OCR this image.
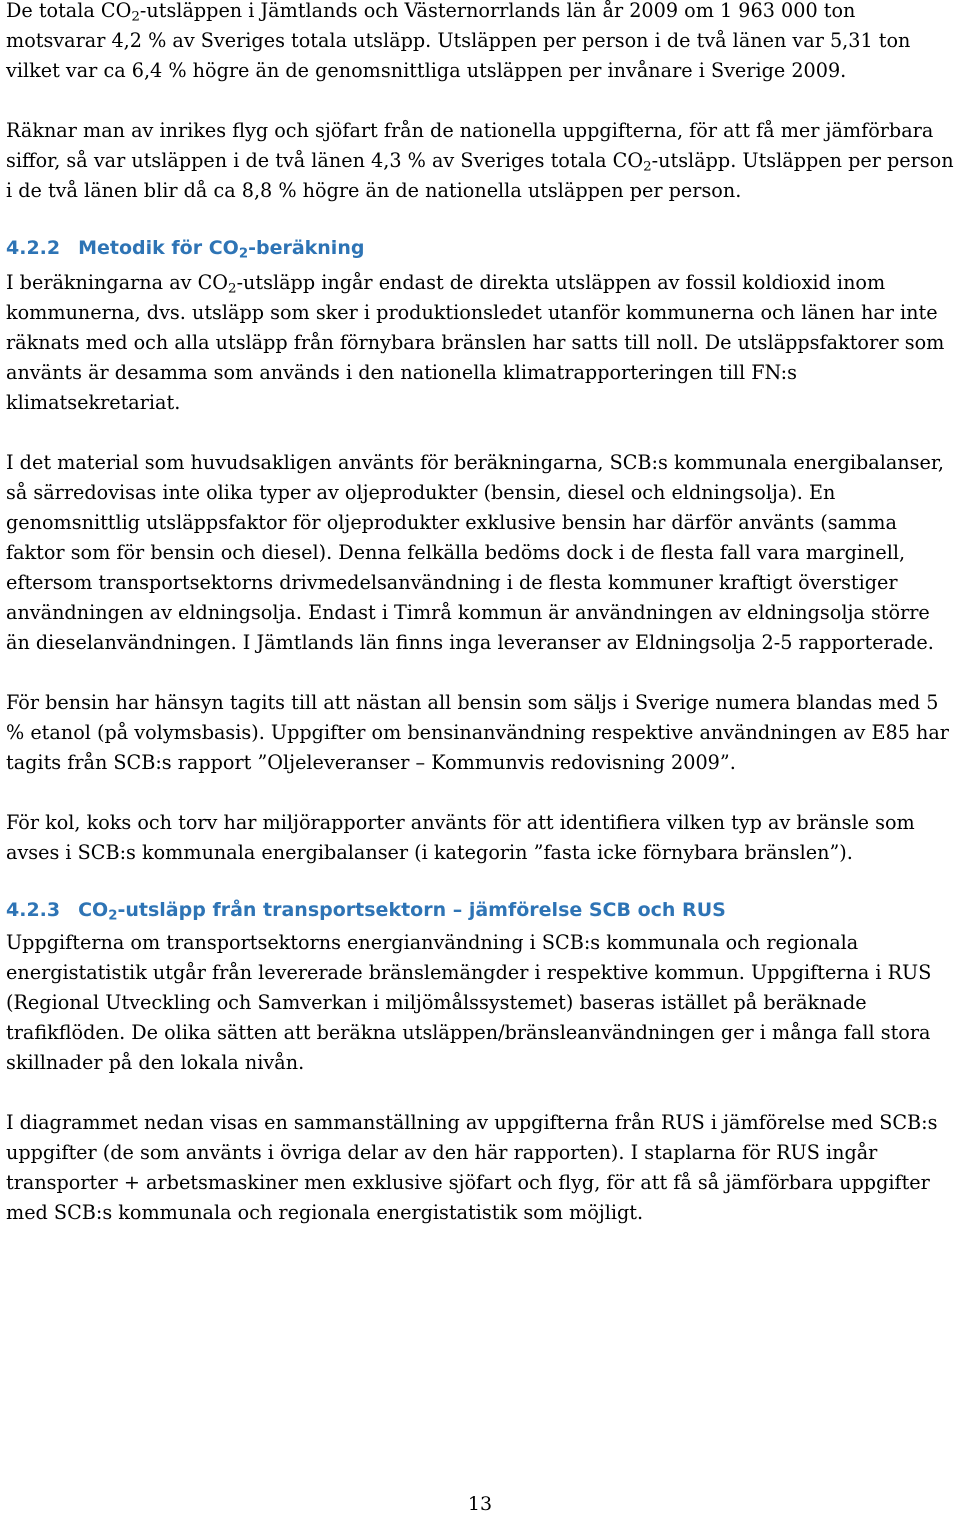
De totala $CO_2$-utsläppen i Jämtlands och Västernorrlands län år 2009 om 1 963 000 ton motsvarar 4,2 % av Sveriges totala utsläpp. Utsläppen per person i de två länen var 5,31 ton vilket var ca 6,4 % högre än de genomsnittliga utsläppen per invånare i Sverige 2009.

Räknar man av inrikes flyg och sjöfart från de nationella uppgifterna, för att få mer jämförbara siffor, så var utsläppen i de två länen 4,3 % av Sveriges totala $CO_2$-utsläpp. Utsläppen per person i de två länen blir då ca 8,8 % högre än de nationella utsläppen per person.

4.2.2 Metodik för $CO_2$-beräkning

I beräkningarna av $CO_2$-utsläpp ingår endast de direkta utsläppen av fossil koldioxid inom kommunerna, dvs. utsläpp som sker i produktionsledet utanför kommunerna och länen har inte räknats med och alla utsläpp från förnybara bränslen har satts till noll. De utsläppsfaktorer som använts är desamma som används i den nationella klimatrapporteringen till FN:s klimatsekretariat.

I det material som huvudsakligen använts för beräkningarna, SCB:s kommunala energibalanser, så särredovisas inte olika typer av oljeprodukter (bensin, diesel och eldningsolja). En genomsnittlig utsläppsfaktor för oljeprodukter exklusive bensin har därför använts (samma faktor som för bensin och diesel). Denna felkälla bedöms dock i de flesta fall vara marginell, eftersom transportsektorns drivmedelsanvändning i de flesta kommuner kraftigt överstiger användningen av eldningsolja. Endast i Timrå kommun är användningen av eldningsolja större än dieselanvändningen. I Jämtlands län finns inga leveranser av Eldningsolja 2-5 rapporterade.

För bensin har hänsyn tagits till att nästan all bensin som säljs i Sverige numera blandas med 5 % etanol (på volymsbasis). Uppgifter om bensinanvändning respektive användningen av E85 har tagits från SCB:s rapport ”Oljeleveranser – Kommunvis redovisning 2009”.

För kol, koks och torv har miljörapporter använts för att identifiera vilken typ av bränsle som avses i SCB:s kommunala energibalanser (i kategorin ”fasta icke förnybara bränslen”).

4.2.3 $CO_2$-utsläpp från transportsektorn – jämförelse SCB och RUS

Uppgifterna om transportsektorns energianvändning i SCB:s kommunala och regionala energistatistik utgår från levererade bränslemängder i respektive kommun. Uppgifterna i RUS (Regional Utveckling och Samverkan i miljömålssystemet) baseras istället på beräknade trafikflöden. De olika sätten att beräkna utsläppen/bränsleanvändningen ger i många fall stora skillnader på den lokala nivån.

I diagrammet nedan visas en sammanställning av uppgifterna från RUS i jämförelse med SCB:s uppgifter (de som använts i övriga delar av den här rapporten). I staplarna för RUS ingår transporter + arbetsmaskiner men exklusive sjöfart och flyg, för att få så jämförbara uppgifter med SCB:s kommunala och regionala energistatistik som möjligt.

13
